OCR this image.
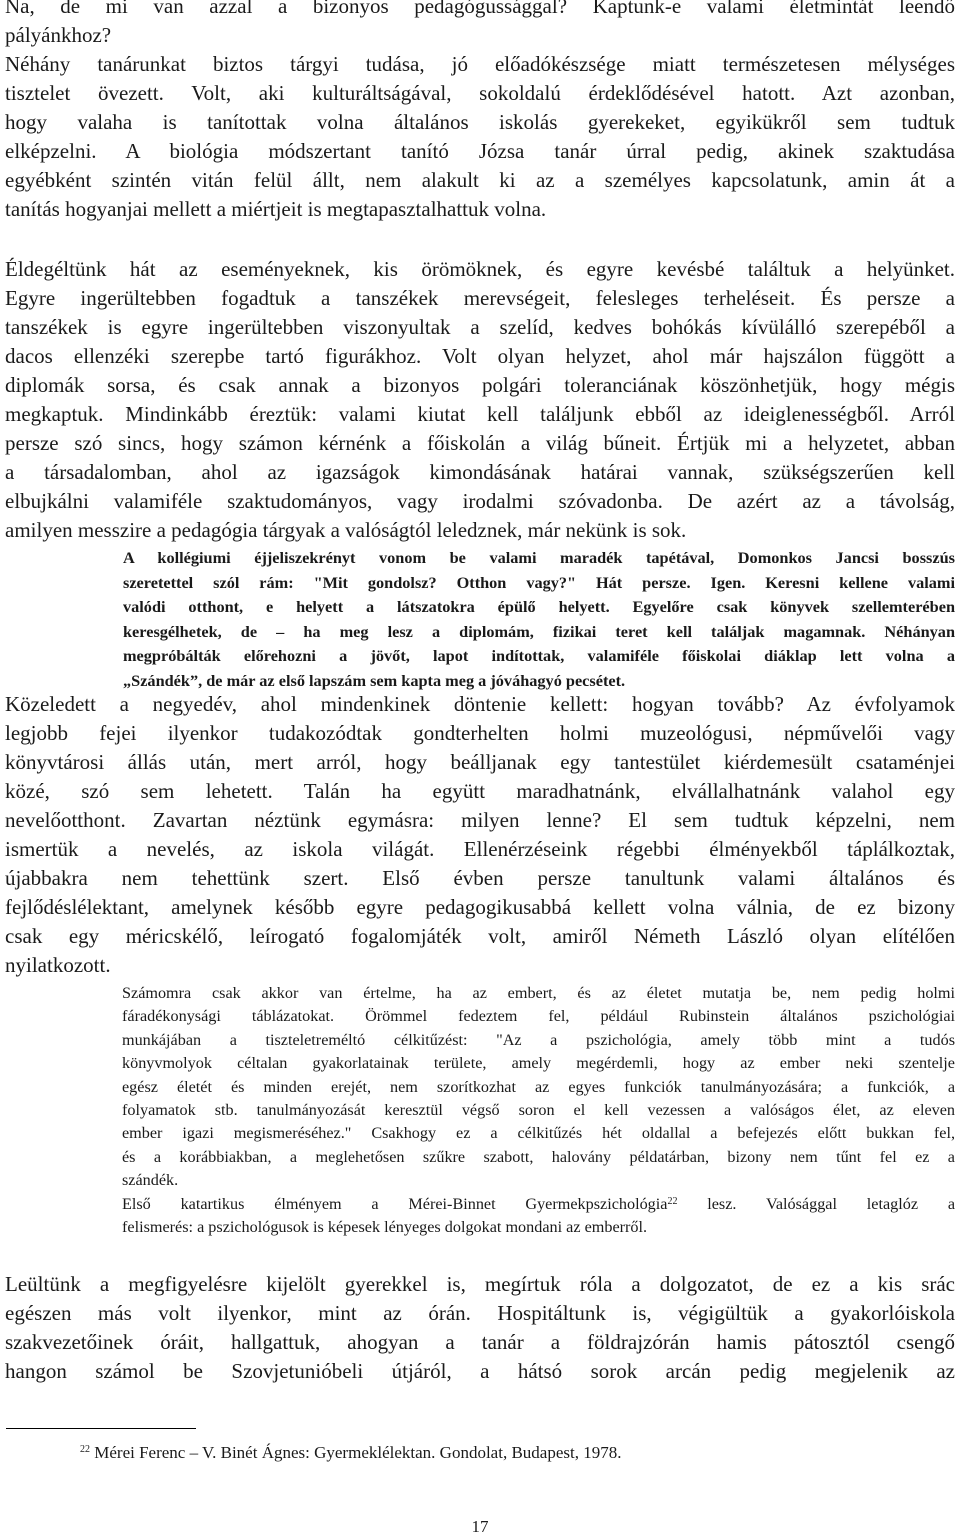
Na, de mi van azzal a bizonyos pedagógussággal? Kaptunk-e valami életmintát leendő
pályánkhoz?
Néhány tanárunkat biztos tárgyi tudása, jó előadókészsége miatt természetesen mélységes
tisztelet övezett. Volt, aki kulturáltságával, sokoldalú érdeklődésével hatott. Azt azonban,
hogy valaha is tanítottak volna általános iskolás gyerekeket, egyikükről sem tudtuk
elképzelni. A biológia módszertant tanító Józsa tanár úrral pedig, akinek szaktudása
egyébként szintén vitán felül állt, nem alakult ki az a személyes kapcsolatunk, amin át a
tanítás hogyanjai mellett a miértjeit is megtapasztalhattuk volna.
Éldegéltünk hát az eseményeknek, kis örömöknek, és egyre kevésbé találtuk a helyünket.
Egyre ingerültebben fogadtuk a tanszékek merevségeit, felesleges terheléseit. És persze a
tanszékek is egyre ingerültebben viszonyultak a szelíd, kedves bohókás kívülálló szerepéből a
dacos ellenzéki szerepbe tartó figurákhoz. Volt olyan helyzet, ahol már hajszálon függött a
diplomák sorsa, és csak annak a bizonyos polgári toleranciának köszönhetjük, hogy mégis
megkaptuk. Mindinkább éreztük: valami kiutat kell találjunk ebből az ideiglenességből. Arról
persze szó sincs, hogy számon kérnénk a főiskolán a világ bűneit. Értjük mi a helyzetet, abban
a társadalomban, ahol az igazságok kimondásának határai vannak, szükségszerűen kell
elbujkálni valamiféle szaktudományos, vagy irodalmi szóvadonba. De azért az a távolság,
amilyen messzire a pedagógia tárgyak a valóságtól leledznek, már nekünk is sok.
A kollégiumi éjjeliszekrényt vonom be valami maradék tapétával, Domonkos Jancsi bosszús
szeretettel szól rám: "Mit gondolsz? Otthon vagy?" Hát persze. Igen. Keresni kellene valami
valódi otthont, e helyett a látszatokra épülő helyett. Egyelőre csak könyvek szellemterében
keresgélhetek, de – ha meg lesz a diplomám, fizikai teret kell találjak magamnak. Néhányan
megpróbálták előrehozni a jövőt, lapot indítottak, valamiféle főiskolai diáklap lett volna a
„Szándék”, de már az első lapszám sem kapta meg a jóváhagyó pecsétet.
Közeledett a negyedév, ahol mindenkinek döntenie kellett: hogyan tovább? Az évfolyamok
legjobb fejei ilyenkor tudakozódtak gondterhelten holmi muzeológusi, népművelői vagy
könyvtárosi állás után, mert arról, hogy beálljanak egy tantestület kiérdemesült csataménjei
közé, szó sem lehetett. Talán ha együtt maradhatnánk, elvállalhatnánk valahol egy
nevelőotthont. Zavartan néztünk egymásra: milyen lenne? El sem tudtuk képzelni, nem
ismertük a nevelés, az iskola világát. Ellenérzéseink régebbi élményekből táplálkoztak,
újabbakra nem tehettünk szert. Első évben persze tanultunk valami általános és
fejlődéslélektant, amelynek később egyre pedagogikusabbá kellett volna válnia, de ez bizony
csak egy méricskélő, leírogató fogalomjáték volt, amiről Németh László olyan elítélően
nyilatkozott.
Számomra csak akkor van értelme, ha az embert, és az életet mutatja be, nem pedig holmi
fáradékonysági táblázatokat. Örömmel fedeztem fel, például Rubinstein általános pszichológiai
munkájában a tiszteletreméltó célkitűzést: "Az a pszichológia, amely több mint a tudós
könyvmolyok céltalan gyakorlatainak területe, amely megérdemli, hogy az ember neki szentelje
egész életét és minden erejét, nem szorítkozhat az egyes funkciók tanulmányozására; a funkciók, a
folyamatok stb. tanulmányozását keresztül végső soron el kell vezessen a valóságos élet, az eleven
ember igazi megismeréséhez." Csakhogy ez a célkitűzés hét oldallal a befejezés előtt bukkan fel,
és a korábbiakban, a meglehetősen szűkre szabott, halovány példatárban, bizony nem tűnt fel ez a
szándék.
Első katartikus élményem a Mérei-Binnet Gyermekpszichológia$^{22}$ lesz. Valósággal letaglóz a
felismerés: a pszichológusok is képesek lényeges dolgokat mondani az emberről.
Leültünk a megfigyelésre kijelölt gyerekkel is, megírtuk róla a dolgozatot, de ez a kis srác
egészen más volt ilyenkor, mint az órán. Hospitáltunk is, végigültük a gyakorlóiskola
szakvezetőinek óráit, hallgattuk, ahogyan a tanár a földrajzórán hamis pátosztól csengő
hangon számol be Szovjetunióbeli útjáról, a hátsó sorok arcán pedig megjelenik az
$^{22}$ Mérei Ferenc – V. Binét Ágnes: Gyermeklélektan. Gondolat, Budapest, 1978.
17
